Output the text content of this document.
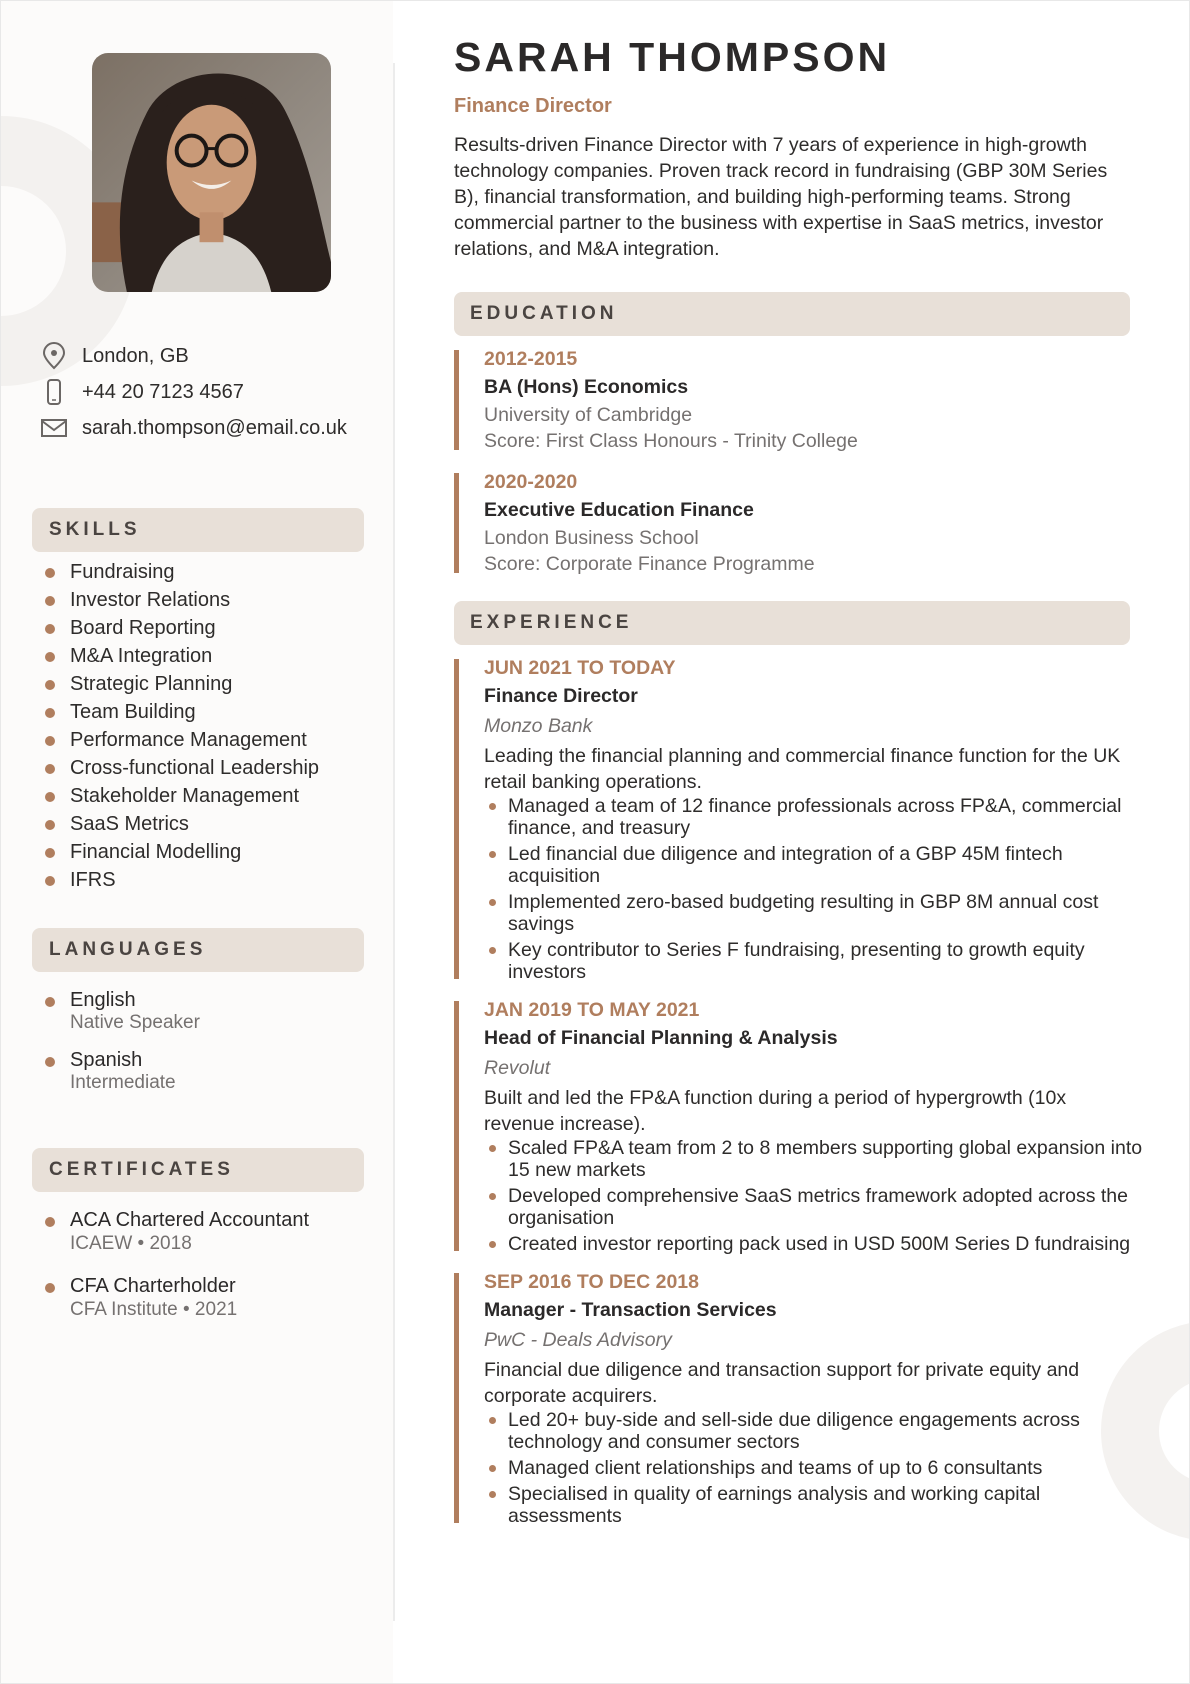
London, GB
+44 20 7123 4567
sarah.thompson@email.co.uk
SKILLS
Fundraising
Investor Relations
Board Reporting
M&A Integration
Strategic Planning
Team Building
Performance Management
Cross-functional Leadership
Stakeholder Management
SaaS Metrics
Financial Modelling
IFRS
LANGUAGES
English
Native Speaker
Spanish
Intermediate
CERTIFICATES
ACA Chartered Accountant
ICAEW • 2018
CFA Charterholder
CFA Institute • 2021
SARAH THOMPSON
Finance Director
Results-driven Finance Director with 7 years of experience in high-growth technology companies. Proven track record in fundraising (GBP 30M Series B), financial transformation, and building high-performing teams. Strong commercial partner to the business with expertise in SaaS metrics, investor relations, and M&A integration.
EDUCATION
2012-2015
BA (Hons) Economics
University of Cambridge
Score: First Class Honours - Trinity College
2020-2020
Executive Education Finance
London Business School
Score: Corporate Finance Programme
EXPERIENCE
JUN 2021 TO TODAY
Finance Director
Monzo Bank
Leading the financial planning and commercial finance function for the UK retail banking operations.
Managed a team of 12 finance professionals across FP&A, commercial finance, and treasury
Led financial due diligence and integration of a GBP 45M fintech acquisition
Implemented zero-based budgeting resulting in GBP 8M annual cost savings
Key contributor to Series F fundraising, presenting to growth equity investors
JAN 2019 TO MAY 2021
Head of Financial Planning & Analysis
Revolut
Built and led the FP&A function during a period of hypergrowth (10x revenue increase).
Scaled FP&A team from 2 to 8 members supporting global expansion into 15 new markets
Developed comprehensive SaaS metrics framework adopted across the organisation
Created investor reporting pack used in USD 500M Series D fundraising
SEP 2016 TO DEC 2018
Manager - Transaction Services
PwC - Deals Advisory
Financial due diligence and transaction support for private equity and corporate acquirers.
Led 20+ buy-side and sell-side due diligence engagements across technology and consumer sectors
Managed client relationships and teams of up to 6 consultants
Specialised in quality of earnings analysis and working capital assessments
